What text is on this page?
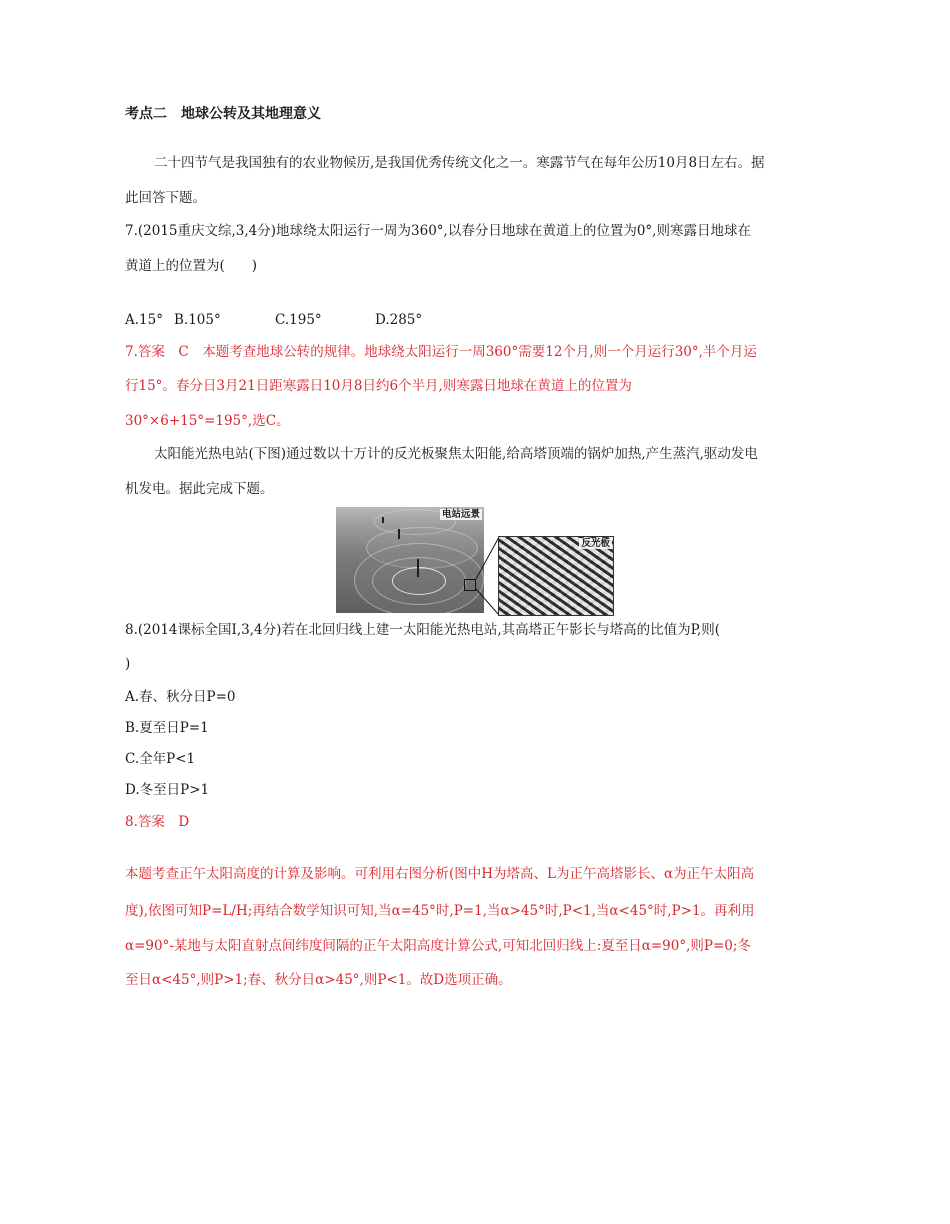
考点二　地球公转及其地理意义
二十四节气是我国独有的农业物候历,是我国优秀传统文化之一。寒露节气在每年公历10月8日左右。据
此回答下题。
7.(2015重庆文综,3,4分)地球绕太阳运行一周为360°,以春分日地球在黄道上的位置为0°,则寒露日地球在
黄道上的位置为(　　)
A.15° B.105°	C.195°	D.285°
7.答案　C　本题考查地球公转的规律。地球绕太阳运行一周360°需要12个月,则一个月运行30°,半个月运
行15°。春分日3月21日距寒露日10月8日约6个半月,则寒露日地球在黄道上的位置为
30°×6+15°=195°,选C。
太阳能光热电站(下图)通过数以十万计的反光板聚焦太阳能,给高塔顶端的锅炉加热,产生蒸汽,驱动发电
机发电。据此完成下题。
电站远景
反光板
8.(2014课标全国Ⅰ,3,4分)若在北回归线上建一太阳能光热电站,其高塔正午影长与塔高的比值为P,则(
)
A.春、秋分日P=0
B.夏至日P=1
C.全年P<1
D.冬至日P>1
8.答案　D
本题考查正午太阳高度的计算及影响。可利用右图分析(图中H为塔高、L为正午高塔影长、α为正午太阳高
度),依图可知P=L/H;再结合数学知识可知,当α=45°时,P=1,当α>45°时,P<1,当α<45°时,P>1。再利用
α=90°-某地与太阳直射点间纬度间隔的正午太阳高度计算公式,可知北回归线上:夏至日α=90°,则P=0;冬
至日α<45°,则P>1;春、秋分日α>45°,则P<1。故D选项正确。
